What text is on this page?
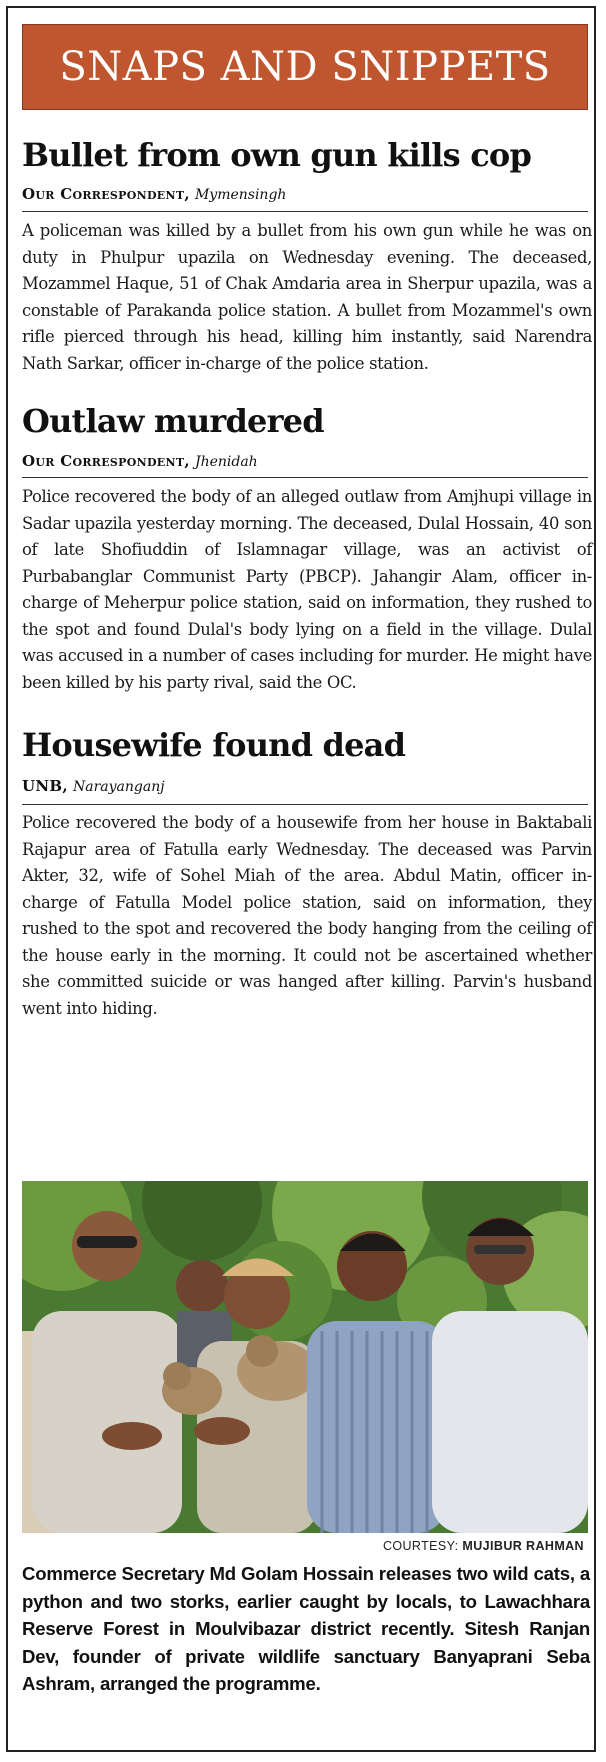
SNAPS AND SNIPPETS
Bullet from own gun kills cop
Our Correspondent, Mymensingh
A policeman was killed by a bullet from his own gun while he was on duty in Phulpur upazila on Wednesday evening. The deceased, Mozammel Haque, 51 of Chak Amdaria area in Sherpur upazila, was a constable of Parakanda police station. A bullet from Mozammel's own rifle pierced through his head, killing him instantly, said Narendra Nath Sarkar, officer in-charge of the police station.
Outlaw murdered
Our Correspondent, Jhenidah
Police recovered the body of an alleged outlaw from Amjhupi village in Sadar upazila yesterday morning. The deceased, Dulal Hossain, 40 son of late Shofiuddin of Islamnagar village, was an activist of Purbabanglar Communist Party (PBCP). Jahangir Alam, officer in-charge of Meherpur police station, said on information, they rushed to the spot and found Dulal's body lying on a field in the village. Dulal was accused in a number of cases including for murder. He might have been killed by his party rival, said the OC.
Housewife found dead
UNB, Narayanganj
Police recovered the body of a housewife from her house in Baktabali Rajapur area of Fatulla early Wednesday. The deceased was Parvin Akter, 32, wife of Sohel Miah of the area. Abdul Matin, officer in-charge of Fatulla Model police station, said on information, they rushed to the spot and recovered the body hanging from the ceiling of the house early in the morning. It could not be ascertained whether she committed suicide or was hanged after killing. Parvin's husband went into hiding.
COURTESY: MUJIBUR RAHMAN
Commerce Secretary Md Golam Hossain releases two wild cats, a python and two storks, earlier caught by locals, to Lawachhara Reserve Forest in Moulvibazar district recently. Sitesh Ranjan Dev, founder of private wildlife sanctuary Banyaprani Seba Ashram, arranged the programme.
